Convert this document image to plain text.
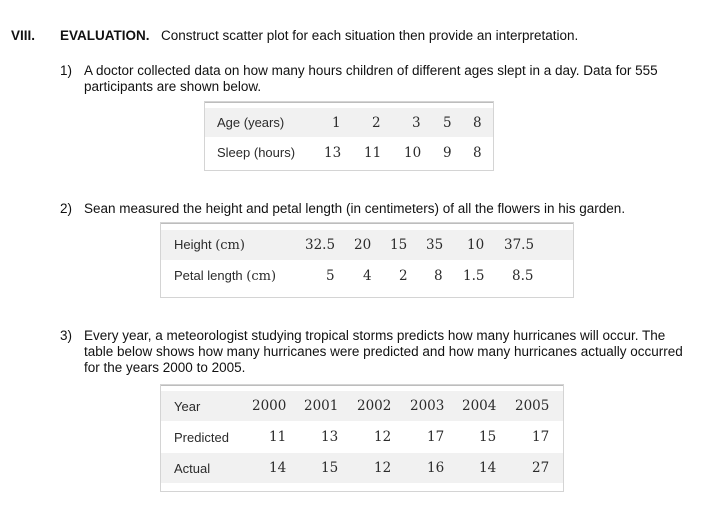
VIII. EVALUATION. Construct scatter plot for each situation then provide an interpretation.
1) A doctor collected data on how many hours children of different ages slept in a day. Data for 555
participants are shown below.
Age (years)	1 2 3 5 8
Sleep (hours) 13 11 10 9 8
2) Sean measured the height and petal length (in centimeters) of all the flowers in his garden.
Height (cm)	32.5 20 15 35 10 37.5
Petal length (cm)	5 4 2 8 1.5 8.5
3) Every year, a meteorologist studying tropical storms predicts how many hurricanes will occur. The
table below shows how many hurricanes were predicted and how many hurricanes actually occurred
for the years 2000 to 2005.
Year	2000 2001 2002 2003 2004 2005
Predicted	11	13	12	17	15	17
Actual	14	15	12	16	14	27
